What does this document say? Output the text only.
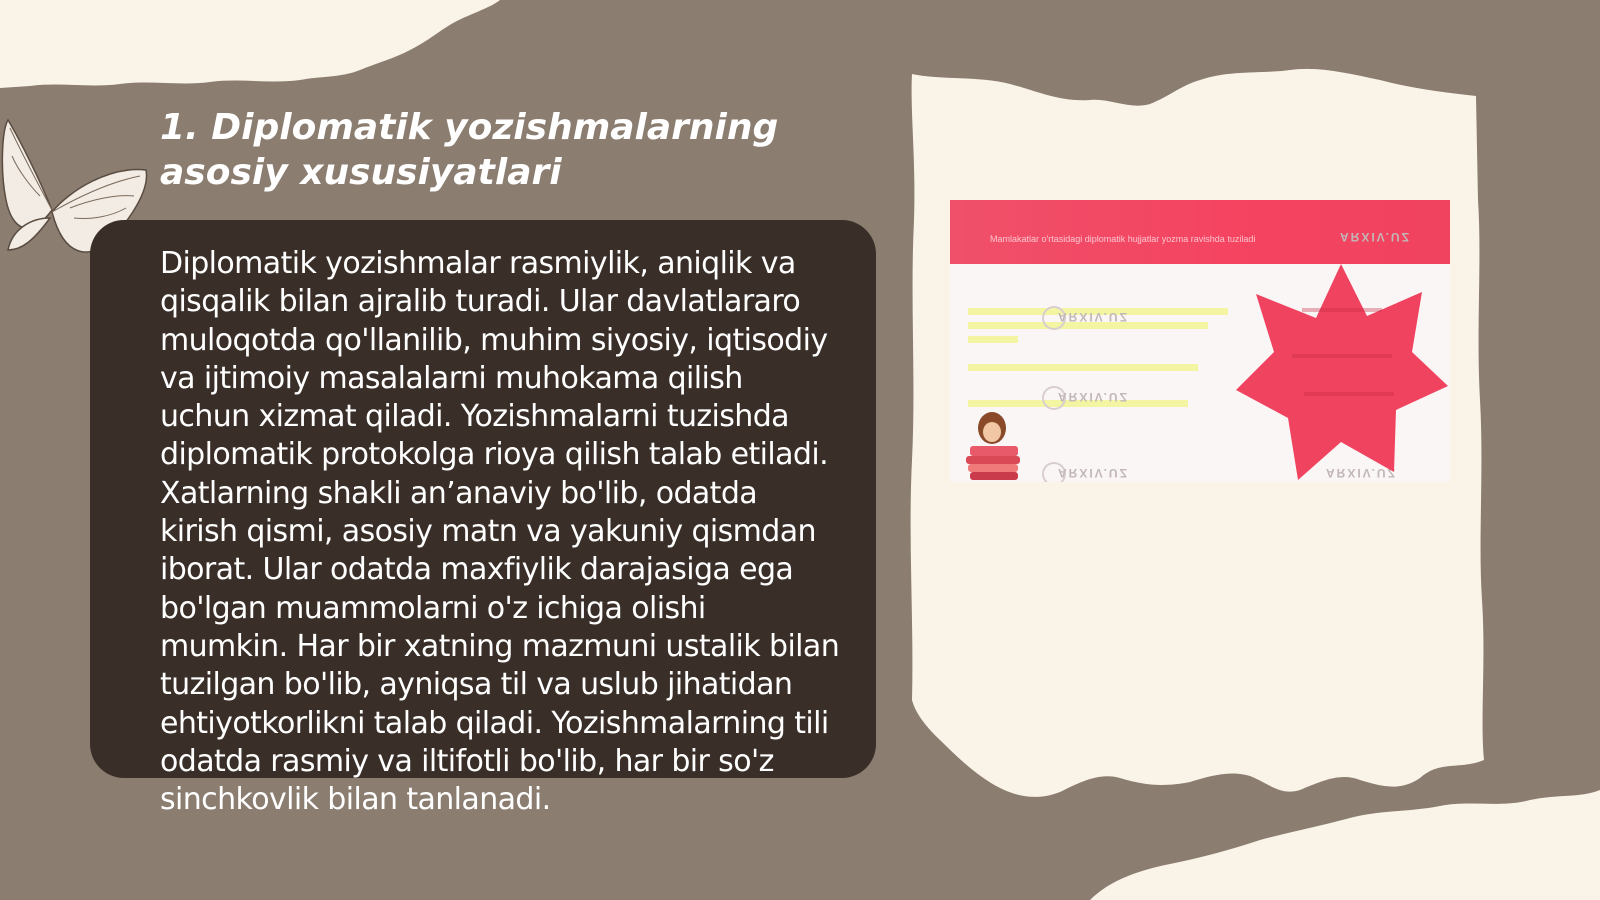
1. Diplomatik yozishmalarning asosiy xususiyatlari

Diplomatik yozishmalar rasmiylik, aniqlik va qisqalik bilan ajralib turadi. Ular davlatlararo muloqotda qo'llanilib, muhim siyosiy, iqtisodiy va ijtimoiy masalalarni muhokama qilish uchun xizmat qiladi. Yozishmalarni tuzishda diplomatik protokolga rioya qilish talab etiladi. Xatlarning shakli an’anaviy bo'lib, odatda kirish qismi, asosiy matn va yakuniy qismdan iborat. Ular odatda maxfiylik darajasiga ega bo'lgan muammolarni o'z ichiga olishi mumkin. Har bir xatning mazmuni ustalik bilan tuzilgan bo'lib, ayniqsa til va uslub jihatidan ehtiyotkorlikni talab qiladi. Yozishmalarning tili odatda rasmiy va iltifotli bo'lib, har bir so'z sinchkovlik bilan tanlanadi.

Mamlakatlar o'rtasidagi diplomatik hujjatlar yozma ravishda tuziladi
ARXIV.UZ
ARXIV.UZ
ARXIV.UZ
ARXIV.UZ
ARXIV.UZ
